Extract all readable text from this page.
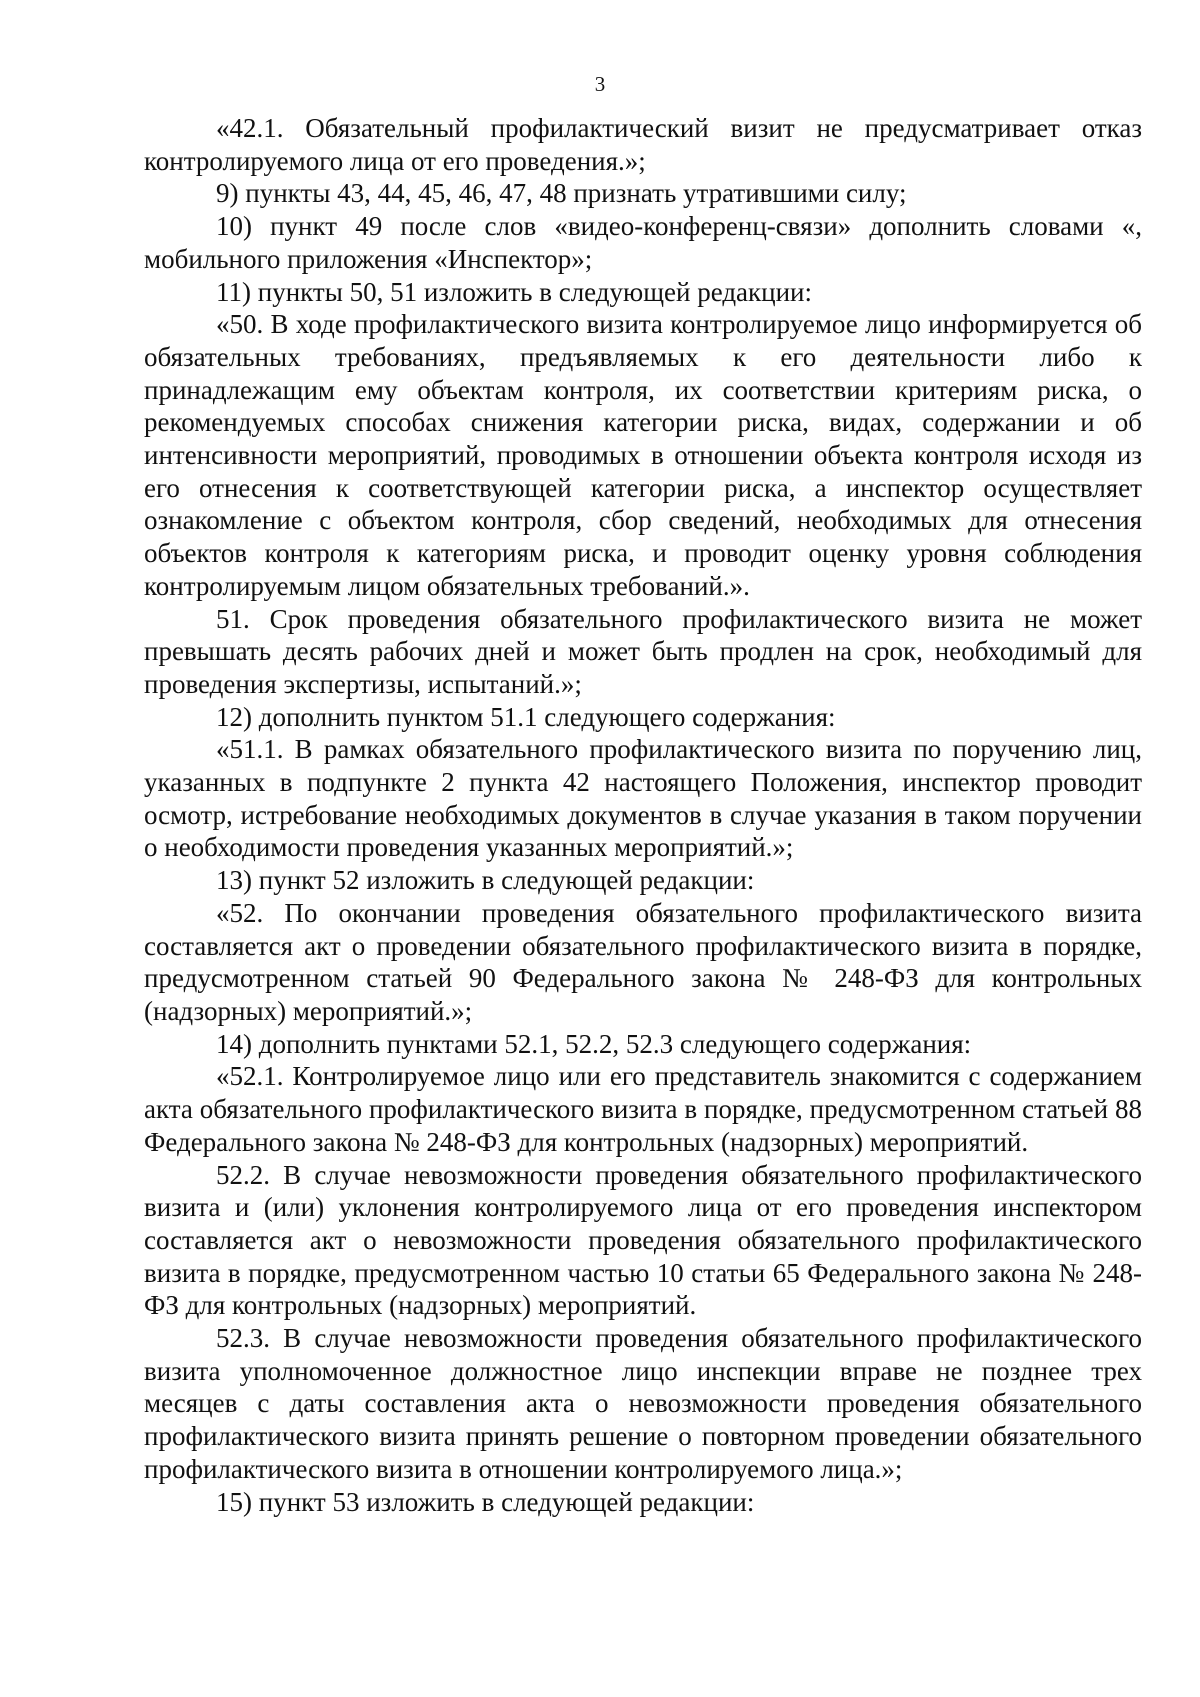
3

«42.1. Обязательный профилактический визит не предусматривает отказ контролируемого лица от его проведения.»;

9) пункты 43, 44, 45, 46, 47, 48 признать утратившими силу;

10) пункт 49 после слов «видео-конференц-связи» дополнить словами «, мобильного приложения «Инспектор»;

11) пункты 50, 51 изложить в следующей редакции:

«50. В ходе профилактического визита контролируемое лицо информируется об обязательных требованиях, предъявляемых к его деятельности либо к принадлежащим ему объектам контроля, их соответствии критериям риска, о рекомендуемых способах снижения категории риска, видах, содержании и об интенсивности мероприятий, проводимых в отношении объекта контроля исходя из его отнесения к соответствующей категории риска, а инспектор осуществляет ознакомление с объектом контроля, сбор сведений, необходимых для отнесения объектов контроля к категориям риска, и проводит оценку уровня соблюдения контролируемым лицом обязательных требований.».

51. Срок проведения обязательного профилактического визита не может превышать десять рабочих дней и может быть продлен на срок, необходимый для проведения экспертизы, испытаний.»;

12) дополнить пунктом 51.1 следующего содержания:

«51.1. В рамках обязательного профилактического визита по поручению лиц, указанных в подпункте 2 пункта 42 настоящего Положения, инспектор проводит осмотр, истребование необходимых документов в случае указания в таком поручении о необходимости проведения указанных мероприятий.»;

13) пункт 52 изложить в следующей редакции:

«52. По окончании проведения обязательного профилактического визита составляется акт о проведении обязательного профилактического визита в порядке, предусмотренном статьей 90 Федерального закона № 248-ФЗ для контрольных (надзорных) мероприятий.»;

14) дополнить пунктами 52.1, 52.2, 52.3 следующего содержания:

«52.1. Контролируемое лицо или его представитель знакомится с содержанием акта обязательного профилактического визита в порядке, предусмотренном статьей 88 Федерального закона № 248-ФЗ для контрольных (надзорных) мероприятий.

52.2. В случае невозможности проведения обязательного профилактического визита и (или) уклонения контролируемого лица от его проведения инспектором составляется акт о невозможности проведения обязательного профилактического визита в порядке, предусмотренном частью 10 статьи 65 Федерального закона № 248-ФЗ для контрольных (надзорных) мероприятий.

52.3. В случае невозможности проведения обязательного профилактического визита уполномоченное должностное лицо инспекции вправе не позднее трех месяцев с даты составления акта о невозможности проведения обязательного профилактического визита принять решение о повторном проведении обязательного профилактического визита в отношении контролируемого лица.»;

15) пункт 53 изложить в следующей редакции:
